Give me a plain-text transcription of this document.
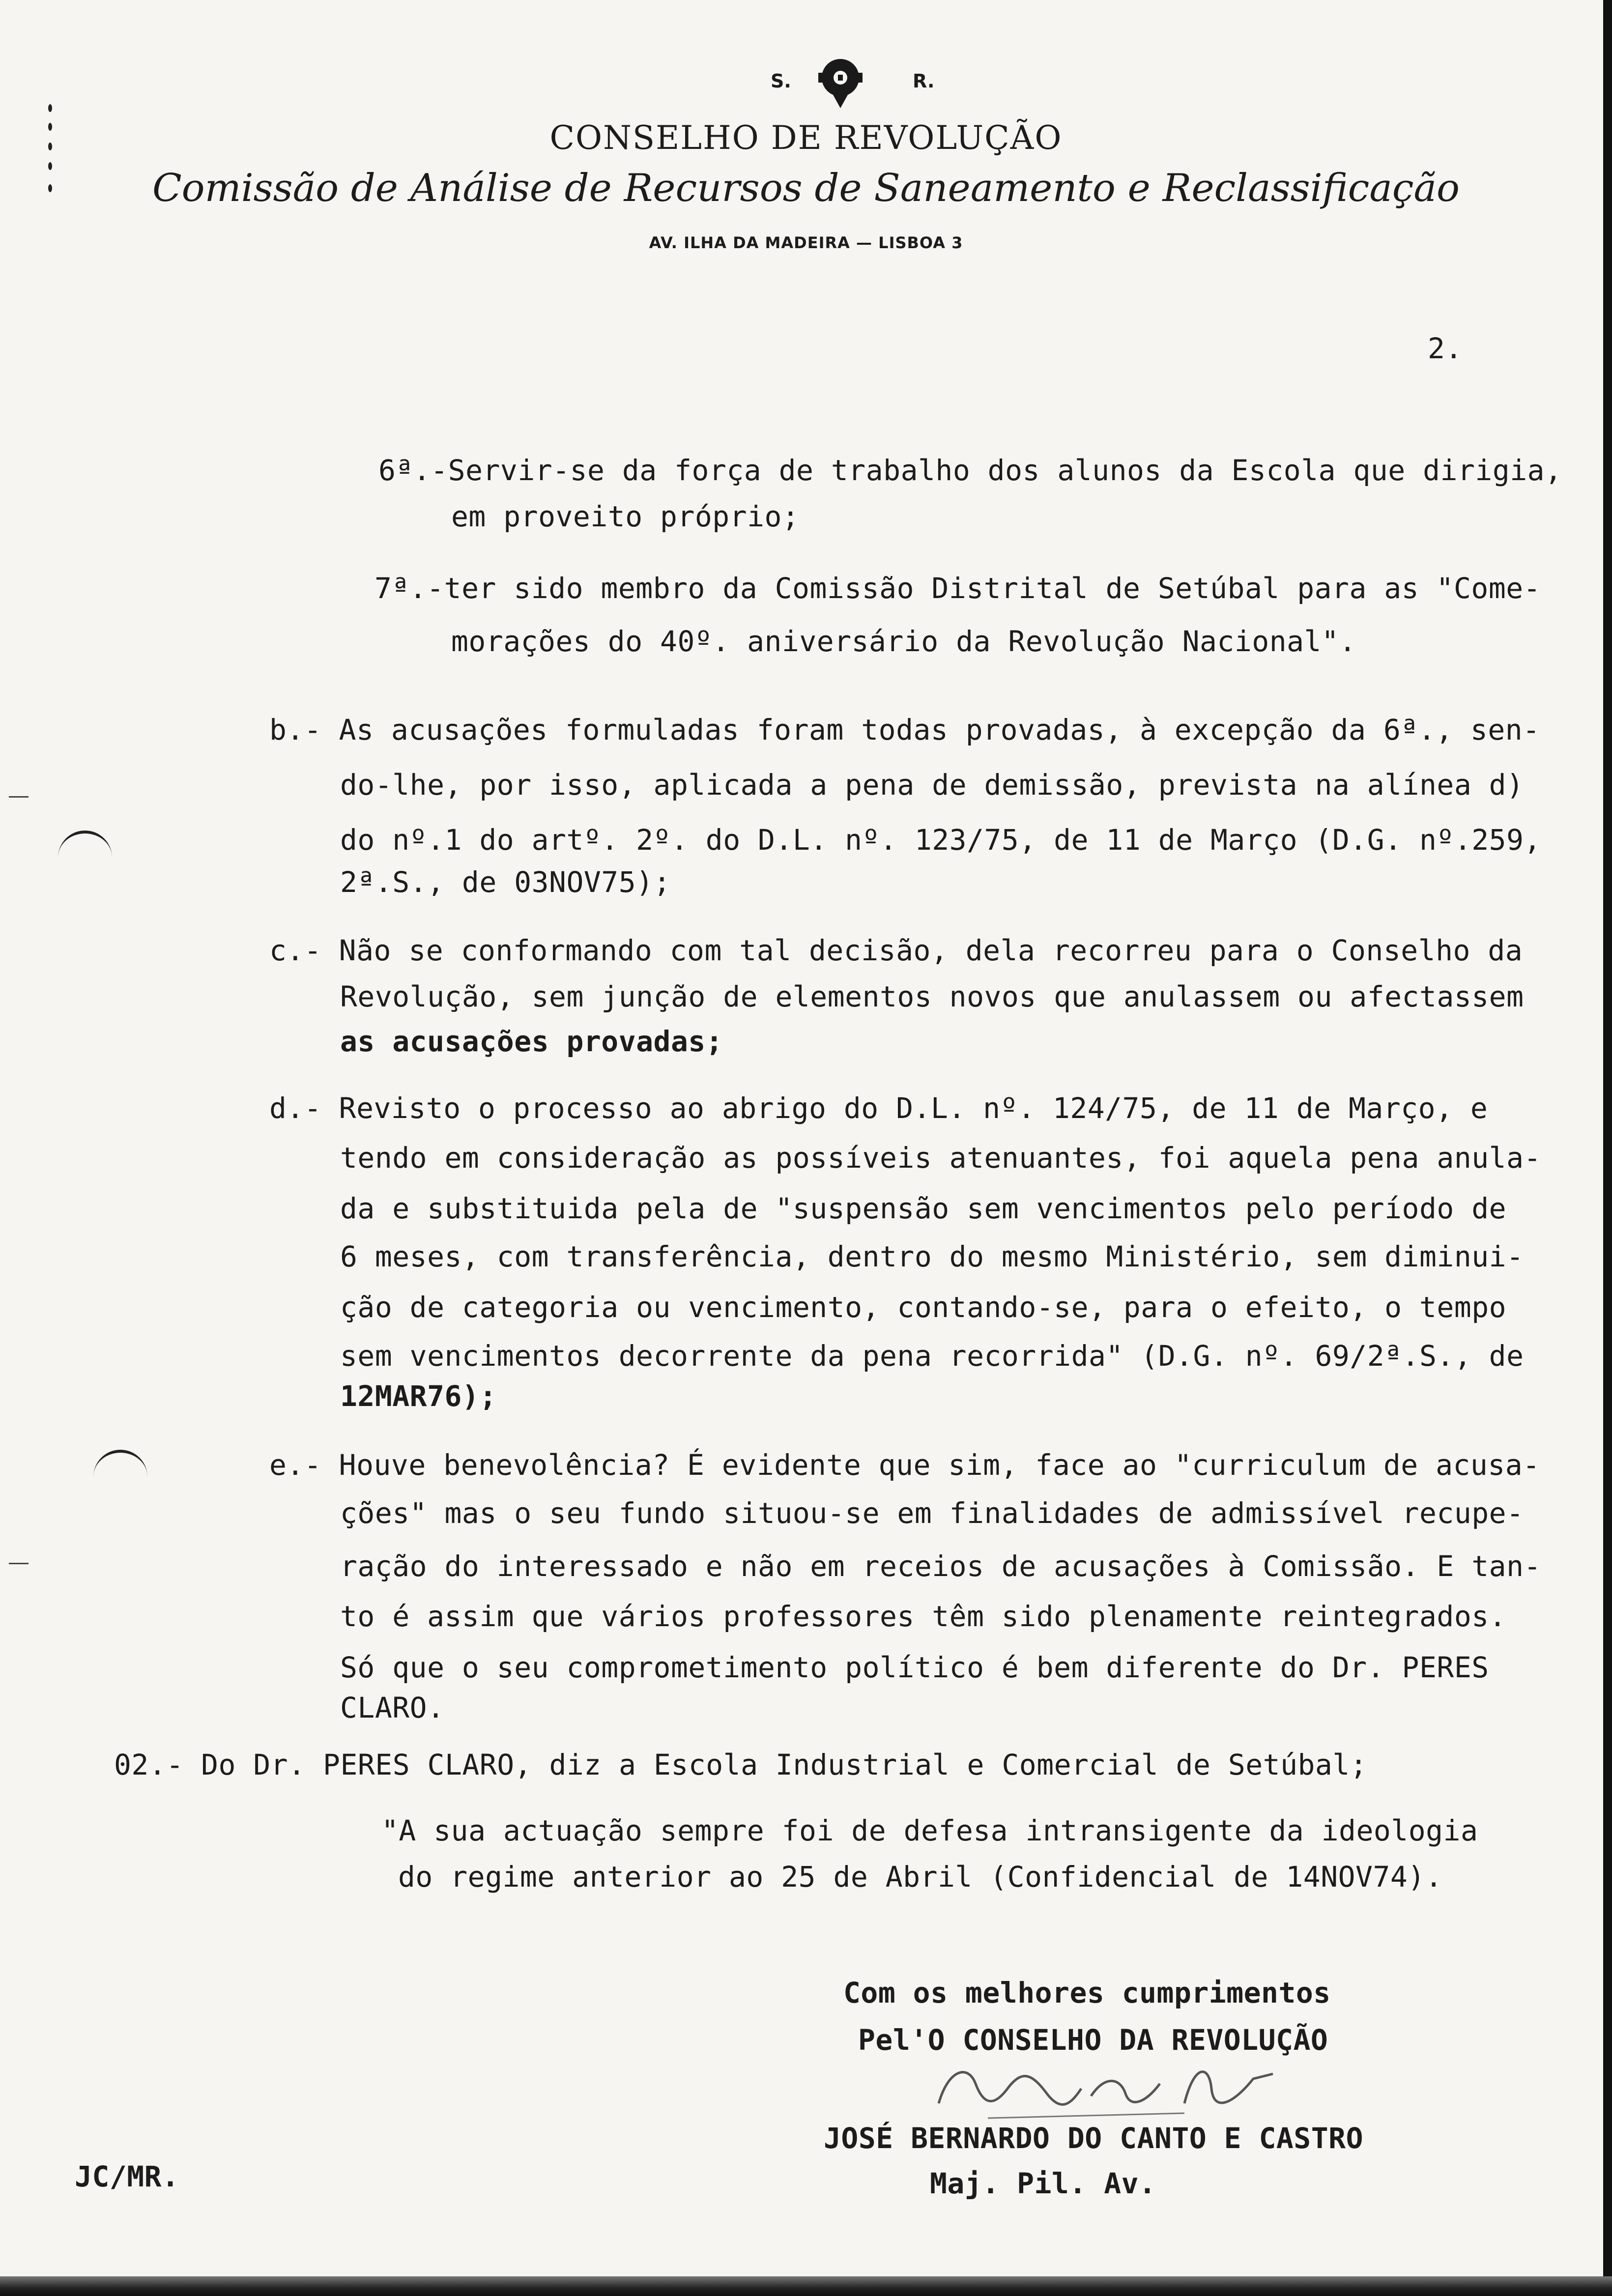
S.	R.
CONSELHO DE REVOLUÇÃO
Comissão de Análise de Recursos de Saneamento e Reclassificação
AV. ILHA DA MADEIRA — LISBOA 3
2.
6ª.-Servir-se da força de trabalho dos alunos da Escola que dirigia,
em proveito próprio;
7ª.-ter sido membro da Comissão Distrital de Setúbal para as "Come-
morações do 40º. aniversário da Revolução Nacional".
b.- As acusações formuladas foram todas provadas, à excepção da 6ª., sen-
do-lhe, por isso, aplicada a pena de demissão, prevista na alínea d)
do nº.1 do artº. 2º. do D.L. nº. 123/75, de 11 de Março (D.G. nº.259,
2ª.S., de 03NOV75);
c.- Não se conformando com tal decisão, dela recorreu para o Conselho da
Revolução, sem junção de elementos novos que anulassem ou afectassem
as acusações provadas;
d.- Revisto o processo ao abrigo do D.L. nº. 124/75, de 11 de Março, e
tendo em consideração as possíveis atenuantes, foi aquela pena anula-
da e substituida pela de "suspensão sem vencimentos pelo período de
6 meses, com transferência, dentro do mesmo Ministério, sem diminui-
ção de categoria ou vencimento, contando-se, para o efeito, o tempo
sem vencimentos decorrente da pena recorrida" (D.G. nº. 69/2ª.S., de
12MAR76);
e.- Houve benevolência? É evidente que sim, face ao "curriculum de acusa-
ções" mas o seu fundo situou-se em finalidades de admissível recupe-
ração do interessado e não em receios de acusações à Comissão. E tan-
to é assim que vários professores têm sido plenamente reintegrados.
Só que o seu comprometimento político é bem diferente do Dr. PERES
CLARO.
02.- Do Dr. PERES CLARO, diz a Escola Industrial e Comercial de Setúbal;
"A sua actuação sempre foi de defesa intransigente da ideologia
do regime anterior ao 25 de Abril (Confidencial de 14NOV74).
Com os melhores cumprimentos
Pel'O CONSELHO DA REVOLUÇÃO
JOSÉ BERNARDO DO CANTO E CASTRO
Maj. Pil. Av.
JC/MR.
